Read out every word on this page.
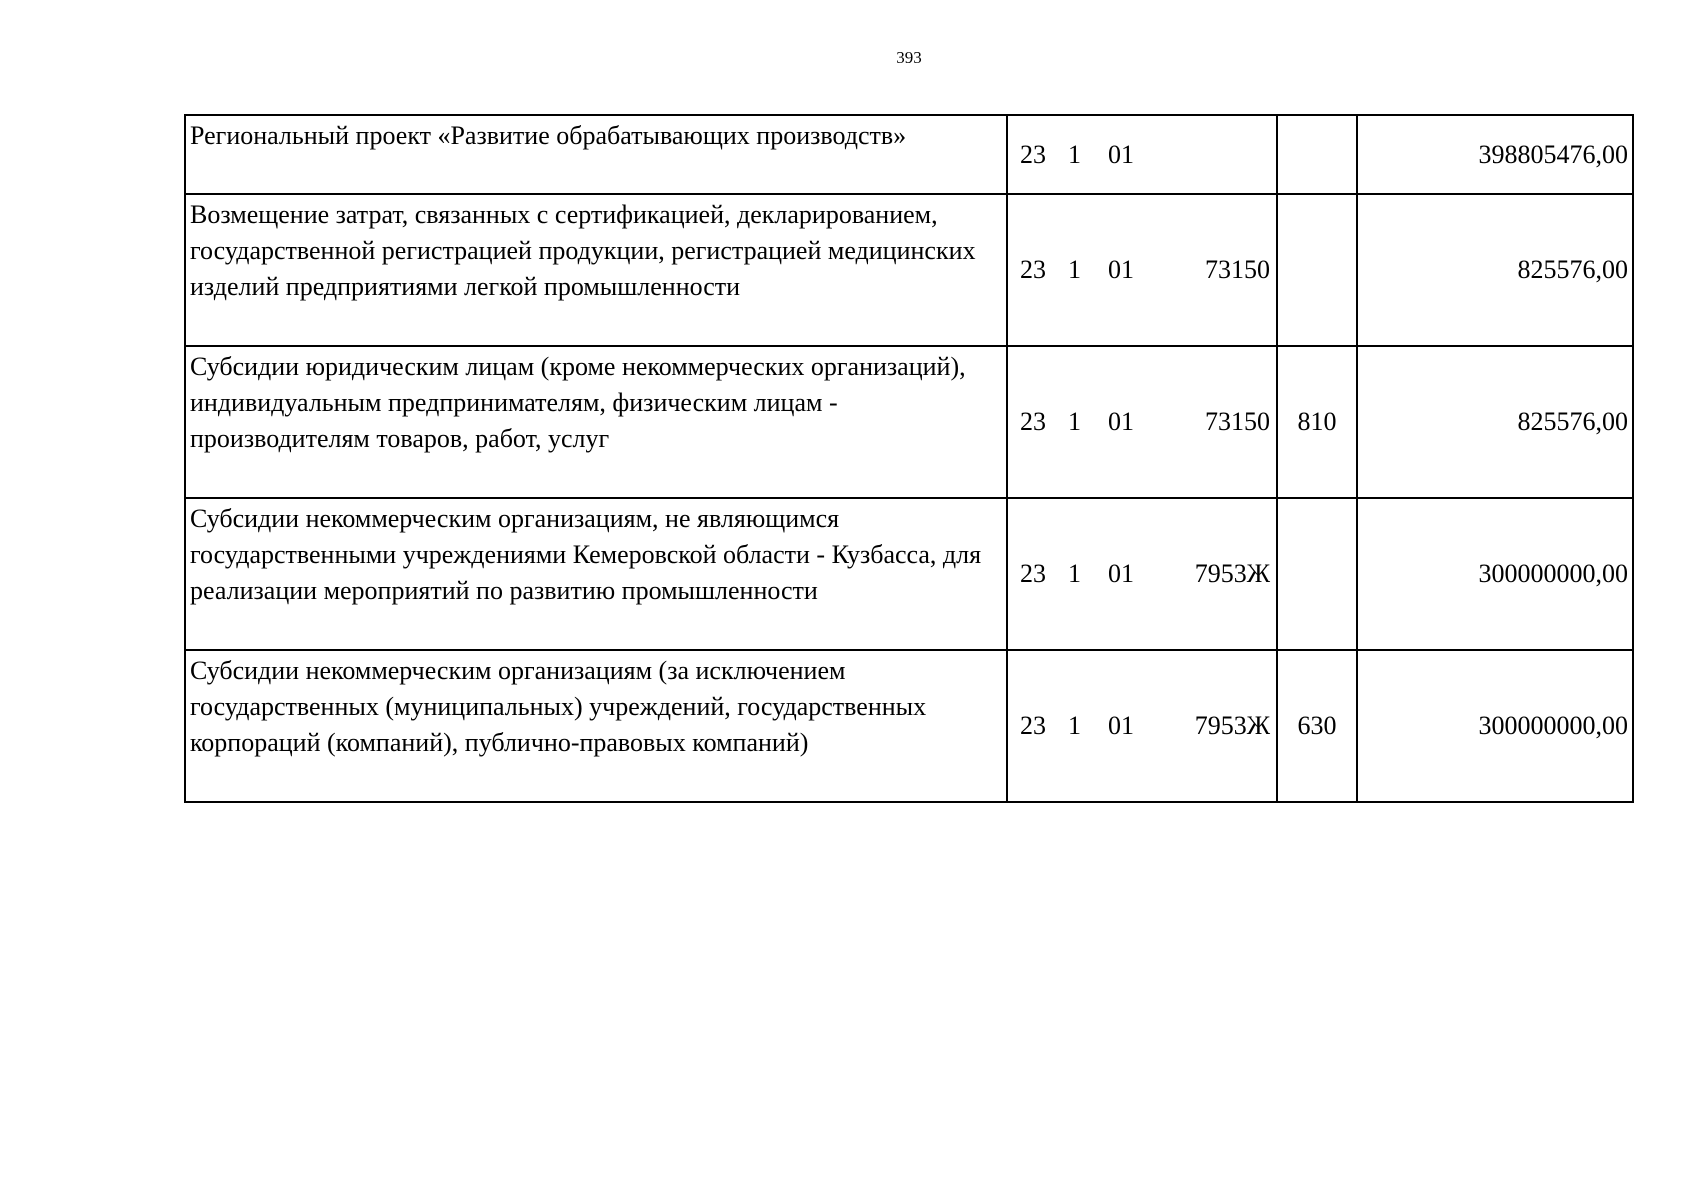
393
Региональный проект «Развитие обрабатывающих производств»	23 1 01		398805476,00
Возмещение затрат, связанных с сертификацией, декларированием, государственной регистрацией продукции, регистрацией медицинских изделий предприятиями легкой промышленности	23 1 01 73150		825576,00
Субсидии юридическим лицам (кроме некоммерческих организаций), индивидуальным предпринимателям, физическим лицам - производителям товаров, работ, услуг	23 1 01 73150	810	825576,00
Субсидии некоммерческим организациям, не являющимся государственными учреждениями Кемеровской области - Кузбасса, для реализации мероприятий по развитию промышленности	23 1 01 7953Ж		300000000,00
Субсидии некоммерческим организациям (за исключением государственных (муниципальных) учреждений, государственных корпораций (компаний), публично-правовых компаний)	23 1 01 7953Ж	630	300000000,00
